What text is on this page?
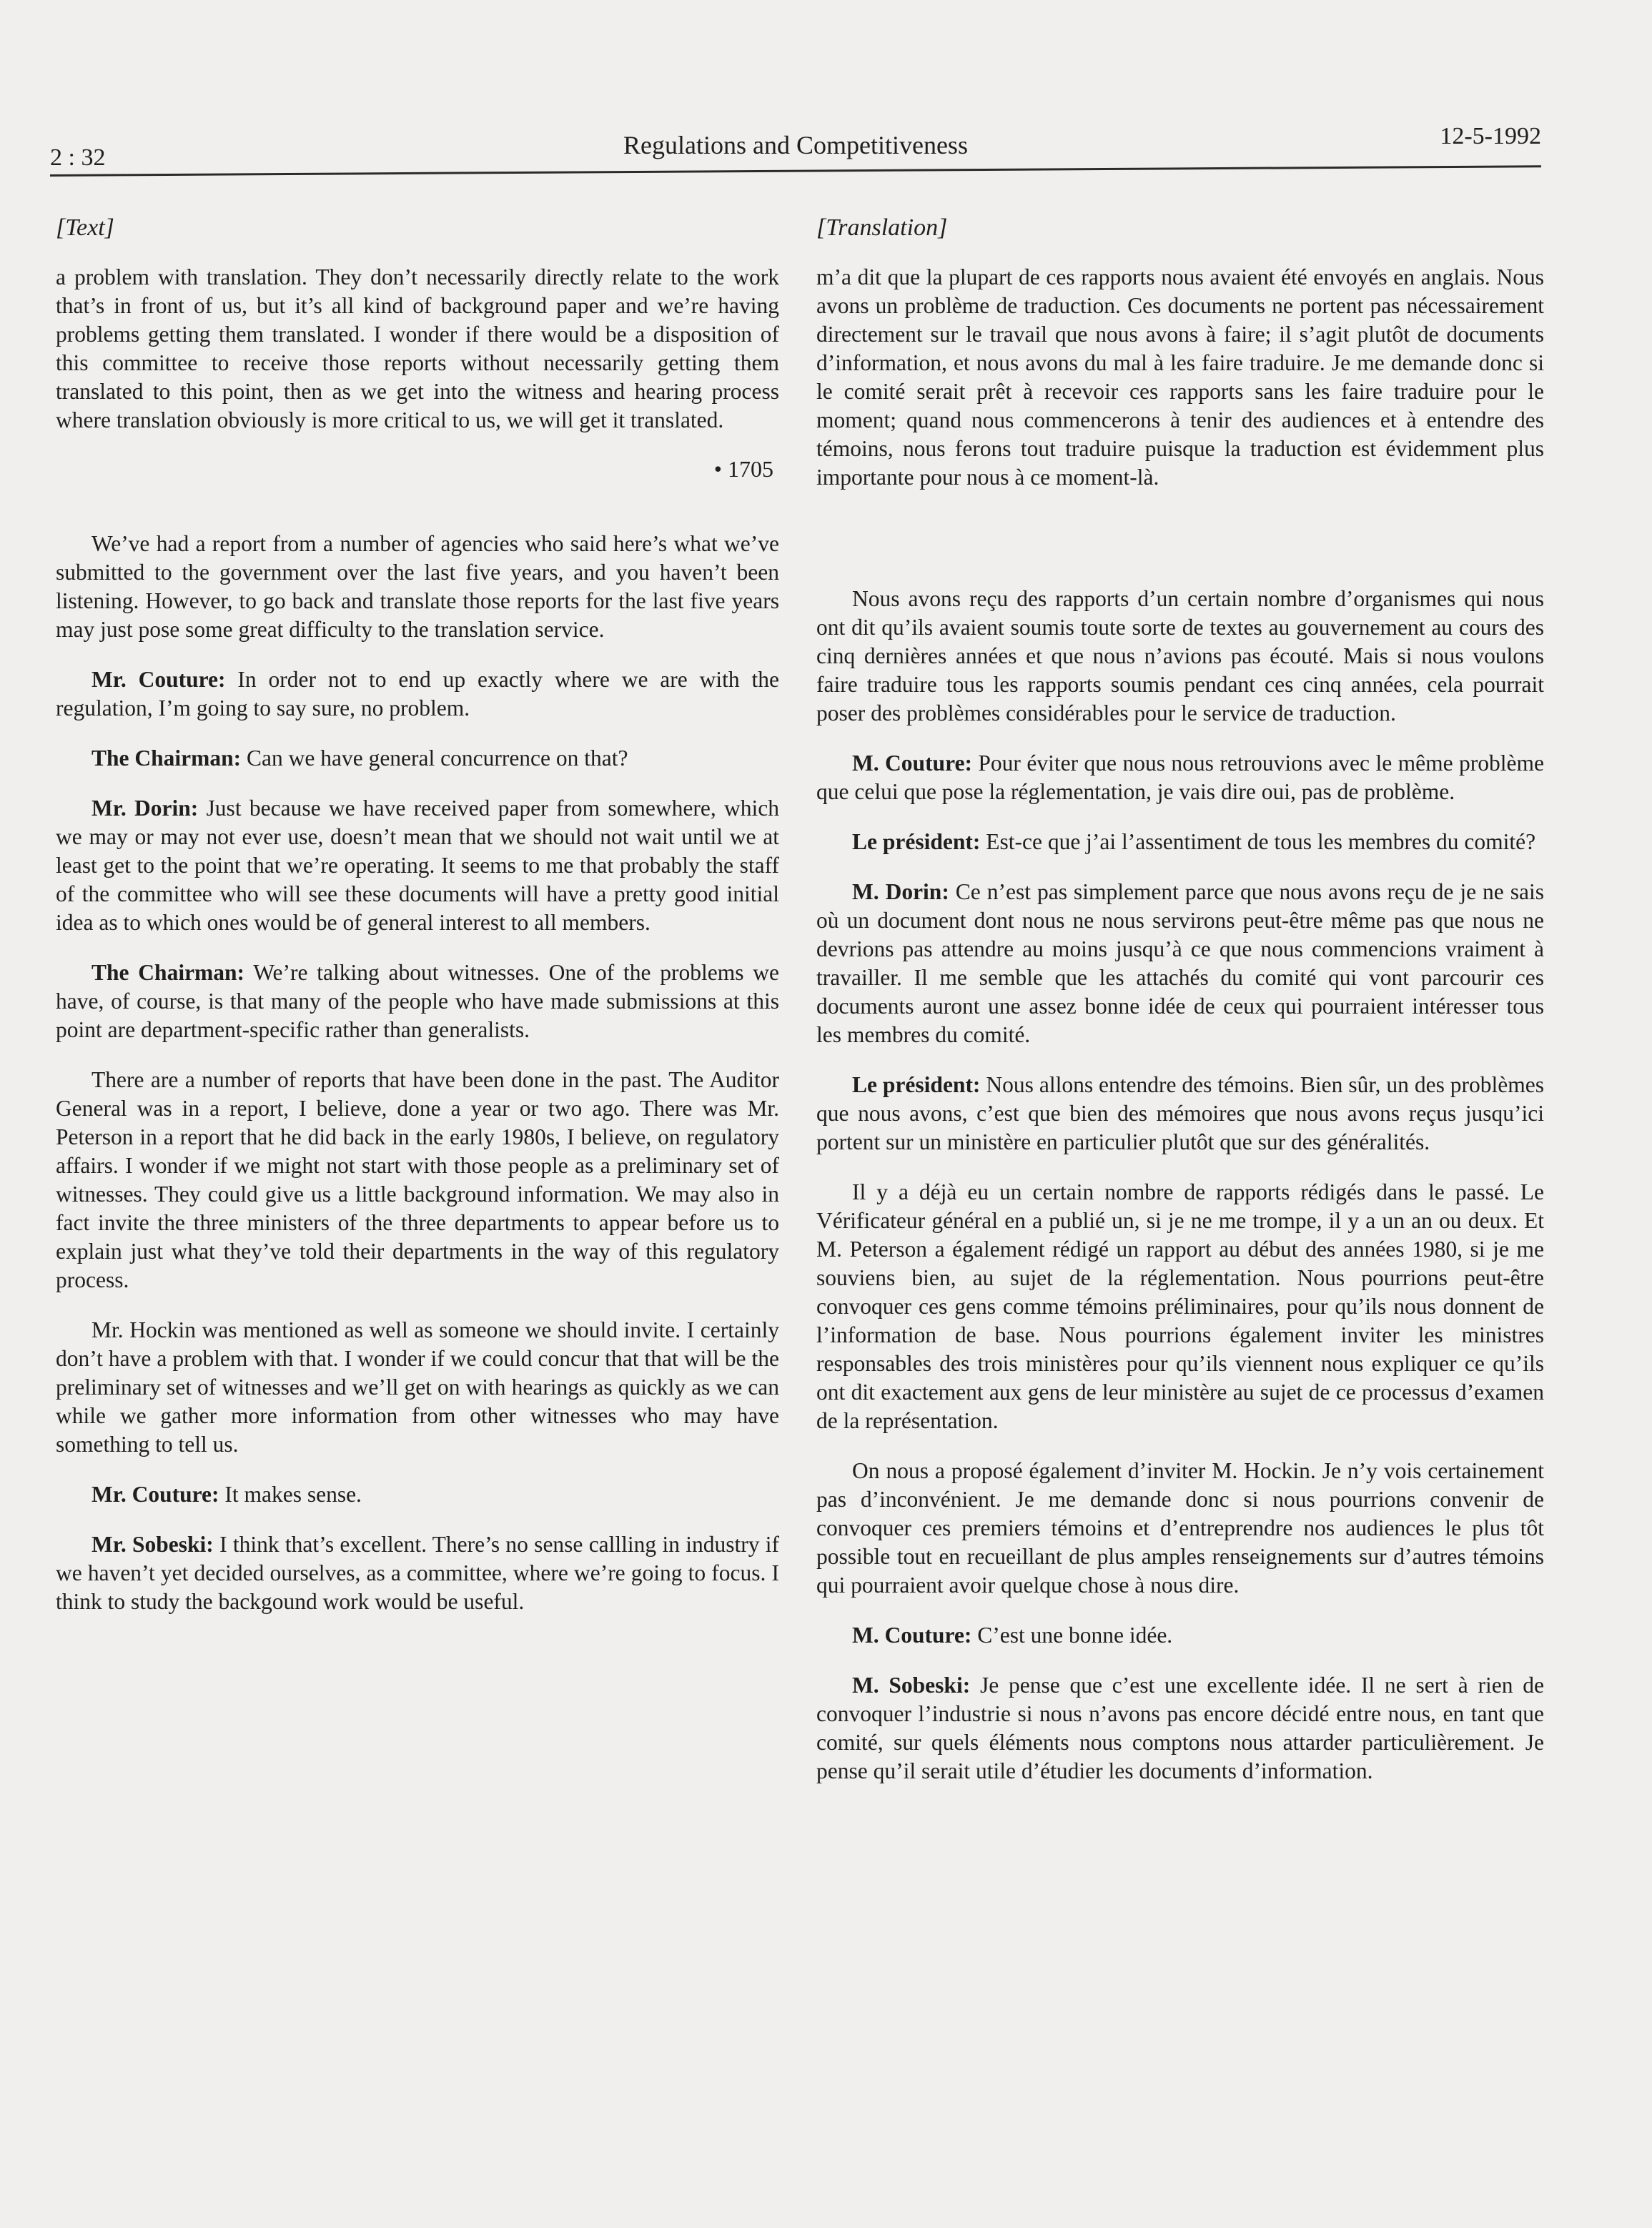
2 : 32	Regulations and Competitiveness	12-5-1992
[Text]

a problem with translation. They don’t necessarily directly relate to the work that’s in front of us, but it’s all kind of background paper and we’re having problems getting them translated. I wonder if there would be a disposition of this committee to receive those reports without necessarily getting them translated to this point, then as we get into the witness and hearing process where translation obviously is more critical to us, we will get it translated.

• 1705

We’ve had a report from a number of agencies who said here’s what we’ve submitted to the government over the last five years, and you haven’t been listening. However, to go back and translate those reports for the last five years may just pose some great difficulty to the translation service.

Mr. Couture: In order not to end up exactly where we are with the regulation, I’m going to say sure, no problem.

The Chairman: Can we have general concurrence on that?

Mr. Dorin: Just because we have received paper from somewhere, which we may or may not ever use, doesn’t mean that we should not wait until we at least get to the point that we’re operating. It seems to me that probably the staff of the committee who will see these documents will have a pretty good initial idea as to which ones would be of general interest to all members.

The Chairman: We’re talking about witnesses. One of the problems we have, of course, is that many of the people who have made submissions at this point are department-specific rather than generalists.

There are a number of reports that have been done in the past. The Auditor General was in a report, I believe, done a year or two ago. There was Mr. Peterson in a report that he did back in the early 1980s, I believe, on regulatory affairs. I wonder if we might not start with those people as a preliminary set of witnesses. They could give us a little background information. We may also in fact invite the three ministers of the three departments to appear before us to explain just what they’ve told their departments in the way of this regulatory process.

Mr. Hockin was mentioned as well as someone we should invite. I certainly don’t have a problem with that. I wonder if we could concur that that will be the preliminary set of witnesses and we’ll get on with hearings as quickly as we can while we gather more information from other witnesses who may have something to tell us.

Mr. Couture: It makes sense.

Mr. Sobeski: I think that’s excellent. There’s no sense callling in industry if we haven’t yet decided ourselves, as a committee, where we’re going to focus. I think to study the backgound work would be useful.

[Translation]

m’a dit que la plupart de ces rapports nous avaient été envoyés en anglais. Nous avons un problème de traduction. Ces documents ne portent pas nécessairement directement sur le travail que nous avons à faire; il s’agit plutôt de documents d’information, et nous avons du mal à les faire traduire. Je me demande donc si le comité serait prêt à recevoir ces rapports sans les faire traduire pour le moment; quand nous commencerons à tenir des audiences et à entendre des témoins, nous ferons tout traduire puisque la traduction est évidemment plus importante pour nous à ce moment-là.

Nous avons reçu des rapports d’un certain nombre d’organismes qui nous ont dit qu’ils avaient soumis toute sorte de textes au gouvernement au cours des cinq dernières années et que nous n’avions pas écouté. Mais si nous voulons faire traduire tous les rapports soumis pendant ces cinq années, cela pourrait poser des problèmes considérables pour le service de traduction.

M. Couture: Pour éviter que nous nous retrouvions avec le même problème que celui que pose la réglementation, je vais dire oui, pas de problème.

Le président: Est-ce que j’ai l’assentiment de tous les membres du comité?

M. Dorin: Ce n’est pas simplement parce que nous avons reçu de je ne sais où un document dont nous ne nous servirons peut-être même pas que nous ne devrions pas attendre au moins jusqu’à ce que nous commencions vraiment à travailler. Il me semble que les attachés du comité qui vont parcourir ces documents auront une assez bonne idée de ceux qui pourraient intéresser tous les membres du comité.

Le président: Nous allons entendre des témoins. Bien sûr, un des problèmes que nous avons, c’est que bien des mémoires que nous avons reçus jusqu’ici portent sur un ministère en particulier plutôt que sur des généralités.

Il y a déjà eu un certain nombre de rapports rédigés dans le passé. Le Vérificateur général en a publié un, si je ne me trompe, il y a un an ou deux. Et M. Peterson a également rédigé un rapport au début des années 1980, si je me souviens bien, au sujet de la réglementation. Nous pourrions peut-être convoquer ces gens comme témoins préliminaires, pour qu’ils nous donnent de l’information de base. Nous pourrions également inviter les ministres responsables des trois ministères pour qu’ils viennent nous expliquer ce qu’ils ont dit exactement aux gens de leur ministère au sujet de ce processus d’examen de la représentation.

On nous a proposé également d’inviter M. Hockin. Je n’y vois certainement pas d’inconvénient. Je me demande donc si nous pourrions convenir de convoquer ces premiers témoins et d’entreprendre nos audiences le plus tôt possible tout en recueillant de plus amples renseignements sur d’autres témoins qui pourraient avoir quelque chose à nous dire.

M. Couture: C’est une bonne idée.

M. Sobeski: Je pense que c’est une excellente idée. Il ne sert à rien de convoquer l’industrie si nous n’avons pas encore décidé entre nous, en tant que comité, sur quels éléments nous comptons nous attarder particulièrement. Je pense qu’il serait utile d’étudier les documents d’information.
